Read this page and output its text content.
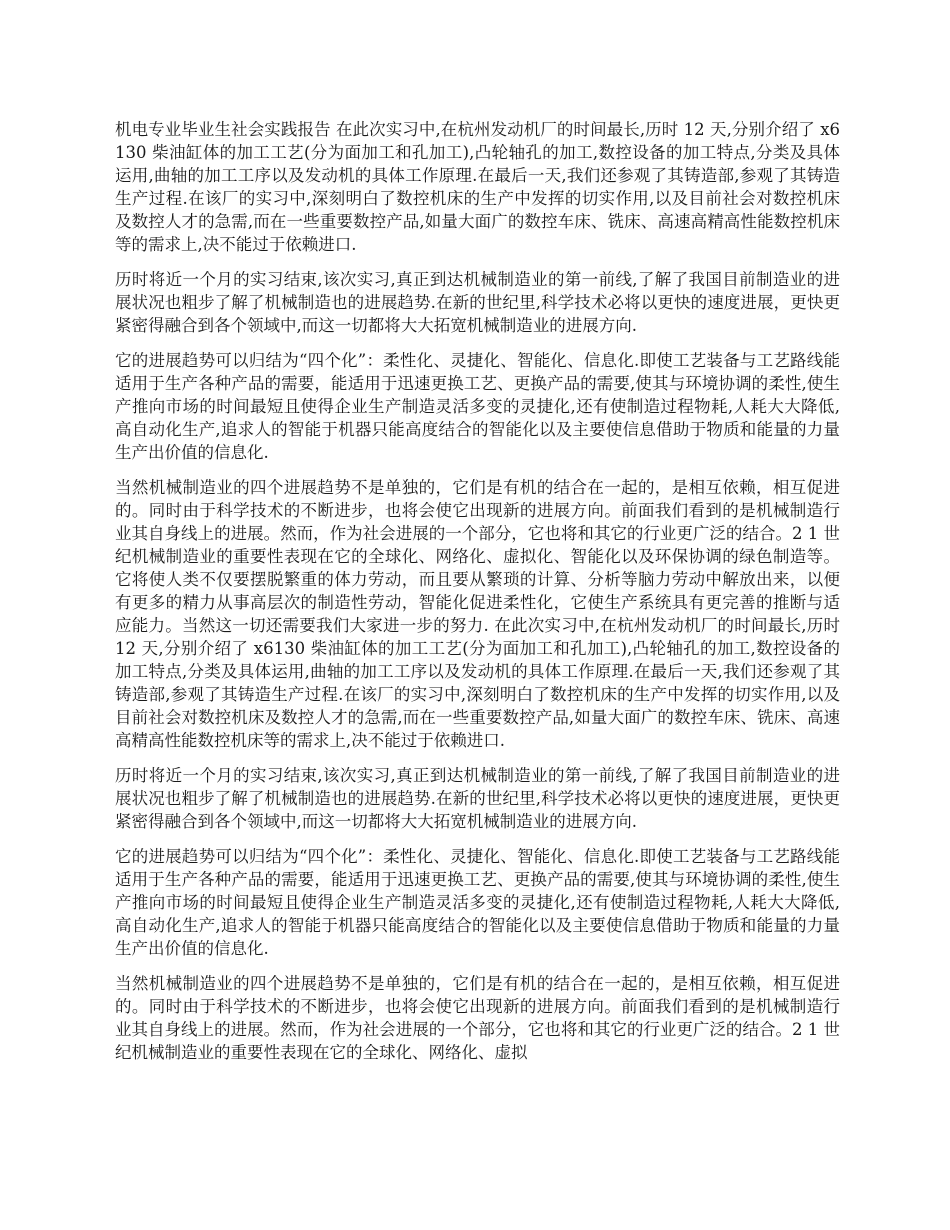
机电专业毕业生社会实践报告 在此次实习中,在杭州发动机厂的时间最长,历时 12 天,分别介绍了 x6130 柴油缸体的加工工艺(分为面加工和孔加工),凸轮轴孔的加工,数控设备的加工特点,分类及具体运用,曲轴的加工工序以及发动机的具体工作原理.在最后一天,我们还参观了其铸造部,参观了其铸造生产过程.在该厂的实习中,深刻明白了数控机床的生产中发挥的切实作用,以及目前社会对数控机床及数控人才的急需,而在一些重要数控产品,如量大面广的数控车床、铣床、高速高精高性能数控机床等的需求上,决不能过于依赖进口.

历时将近一个月的实习结束,该次实习,真正到达机械制造业的第一前线,了解了我国目前制造业的进展状况也粗步了解了机械制造也的进展趋势.在新的世纪里,科学技术必将以更快的速度进展，更快更紧密得融合到各个领域中,而这一切都将大大拓宽机械制造业的进展方向.

它的进展趋势可以归结为“四个化”：柔性化、灵捷化、智能化、信息化.即使工艺装备与工艺路线能适用于生产各种产品的需要，能适用于迅速更换工艺、更换产品的需要,使其与环境协调的柔性,使生产推向市场的时间最短且使得企业生产制造灵活多变的灵捷化,还有使制造过程物耗,人耗大大降低,高自动化生产,追求人的智能于机器只能高度结合的智能化以及主要使信息借助于物质和能量的力量生产出价值的信息化.

当然机械制造业的四个进展趋势不是单独的，它们是有机的结合在一起的，是相互依赖，相互促进的。同时由于科学技术的不断进步，也将会使它出现新的进展方向。前面我们看到的是机械制造行业其自身线上的进展。然而，作为社会进展的一个部分，它也将和其它的行业更广泛的结合。2 1 世纪机械制造业的重要性表现在它的全球化、网络化、虚拟化、智能化以及环保协调的绿色制造等。它将使人类不仅要摆脱繁重的体力劳动，而且要从繁琐的计算、分析等脑力劳动中解放出来，以便有更多的精力从事高层次的制造性劳动，智能化促进柔性化，它使生产系统具有更完善的推断与适应能力。当然这一切还需要我们大家进一步的努力. 在此次实习中,在杭州发动机厂的时间最长,历时 12 天,分别介绍了 x6130 柴油缸体的加工工艺(分为面加工和孔加工),凸轮轴孔的加工,数控设备的加工特点,分类及具体运用,曲轴的加工工序以及发动机的具体工作原理.在最后一天,我们还参观了其铸造部,参观了其铸造生产过程.在该厂的实习中,深刻明白了数控机床的生产中发挥的切实作用,以及目前社会对数控机床及数控人才的急需,而在一些重要数控产品,如量大面广的数控车床、铣床、高速高精高性能数控机床等的需求上,决不能过于依赖进口.

历时将近一个月的实习结束,该次实习,真正到达机械制造业的第一前线,了解了我国目前制造业的进展状况也粗步了解了机械制造也的进展趋势.在新的世纪里,科学技术必将以更快的速度进展，更快更紧密得融合到各个领域中,而这一切都将大大拓宽机械制造业的进展方向.

它的进展趋势可以归结为“四个化”：柔性化、灵捷化、智能化、信息化.即使工艺装备与工艺路线能适用于生产各种产品的需要，能适用于迅速更换工艺、更换产品的需要,使其与环境协调的柔性,使生产推向市场的时间最短且使得企业生产制造灵活多变的灵捷化,还有使制造过程物耗,人耗大大降低,高自动化生产,追求人的智能于机器只能高度结合的智能化以及主要使信息借助于物质和能量的力量生产出价值的信息化.

当然机械制造业的四个进展趋势不是单独的，它们是有机的结合在一起的，是相互依赖，相互促进的。同时由于科学技术的不断进步，也将会使它出现新的进展方向。前面我们看到的是机械制造行业其自身线上的进展。然而，作为社会进展的一个部分，它也将和其它的行业更广泛的结合。2 1 世纪机械制造业的重要性表现在它的全球化、网络化、虚拟
